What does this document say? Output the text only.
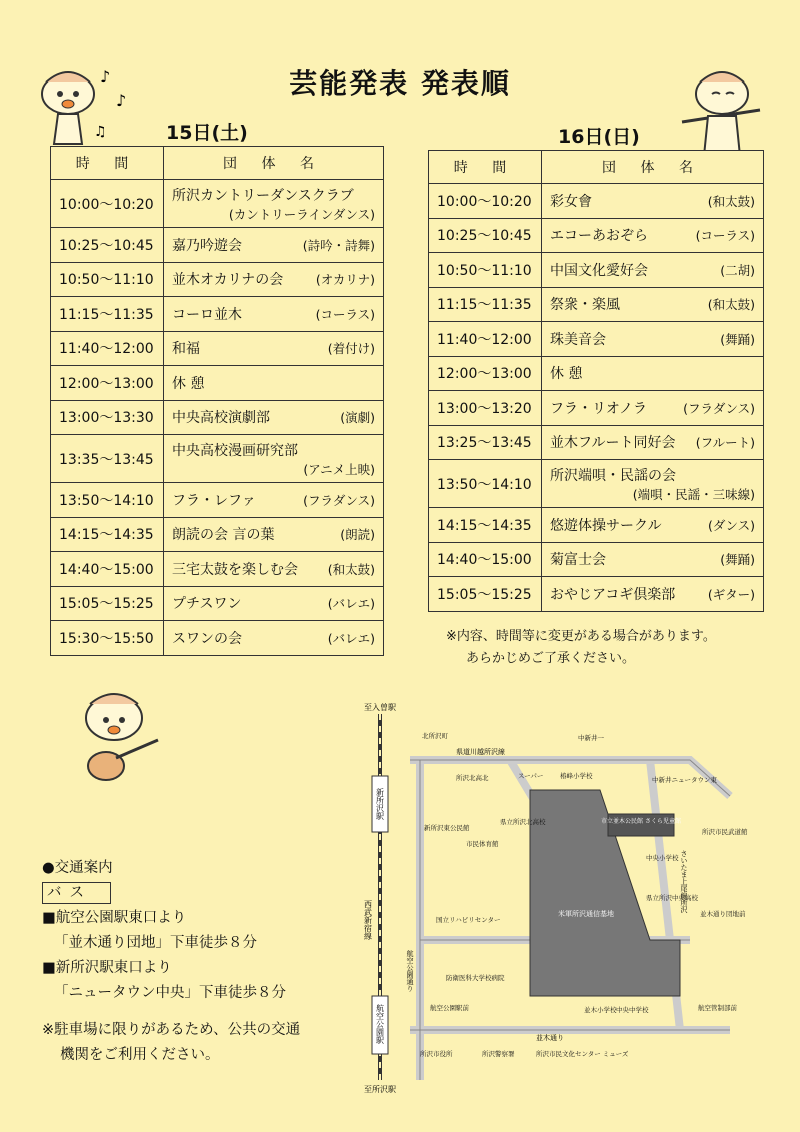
♪
♪
♫
芸能発表 発表順
15日(土)	16日(日)
時 間	団 体 名
10:00～10:20	所沢カントリーダンスクラブ
(カントリーラインダンス)

10:25～10:45	嘉乃吟遊会 (詩吟・詩舞)

10:50～11:10	並木オカリナの会 (オカリナ)

11:15～11:35	コーロ並木 (コーラス)

11:40～12:00	和福 (着付け)

12:00～13:00	休 憩

13:00～13:30	中央高校演劇部 (演劇)

13:35～13:45	中央高校漫画研究部
(アニメ上映)

13:50～14:10	フラ・レファ (フラダンス)

14:15～14:35	朗読の会 言の葉 (朗読)

14:40～15:00	三宅太鼓を楽しむ会 (和太鼓)

15:05～15:25	プチスワン (バレエ)

15:30～15:50	スワンの会 (バレエ)
時 間	団 体 名
10:00～10:20	彩女會 (和太鼓)

10:25～10:45	エコーあおぞら (コーラス)

10:50～11:10	中国文化愛好会 (二胡)

11:15～11:35	祭衆・楽風 (和太鼓)

11:40～12:00	珠美音会 (舞踊)

12:00～13:00	休 憩

13:00～13:20	フラ・リオノラ (フラダンス)

13:25～13:45	並木フルート同好会 (フルート)

13:50～14:10	所沢端唄・民謡の会
(端唄・民謡・三味線)

14:15～14:35	悠遊体操サークル (ダンス)

14:40～15:00	菊富士会 (舞踊)

15:05～15:25	おやじアコギ倶楽部 (ギター)
※内容、時間等に変更がある場合があります。
あらかじめご了承ください。
●交通案内
バス
■航空公園駅東口より
「並木通り団地」下車徒歩８分
■新所沢駅東口より
「ニュータウン中央」下車徒歩８分
※駐車場に限りがあるため、公共の交通
機関をご利用ください。
至入曽駅
至所沢駅
新所沢駅
航空公園駅
西武新宿線
県道川越所沢線
航空公園通り
並木通り
さいたま上尾線所沢
米軍所沢通信基地
市立並木公民館 さくら児童館
北所沢町	中新井一
所沢北高北	スーパー	椿峰小学校	中新井ニュータウン東
新所沢東公民館
県立所沢北高校
市民体育館
所沢市民武道館
中央小学校
県立所沢中央高校
国立リハビリセンター
並木通り団地前
防衛医科大学校病院
航空公園駅前	並木小学校 中央中学校	航空管制部前
所沢市役所	所沢警察署	所沢市民文化センター ミューズ
